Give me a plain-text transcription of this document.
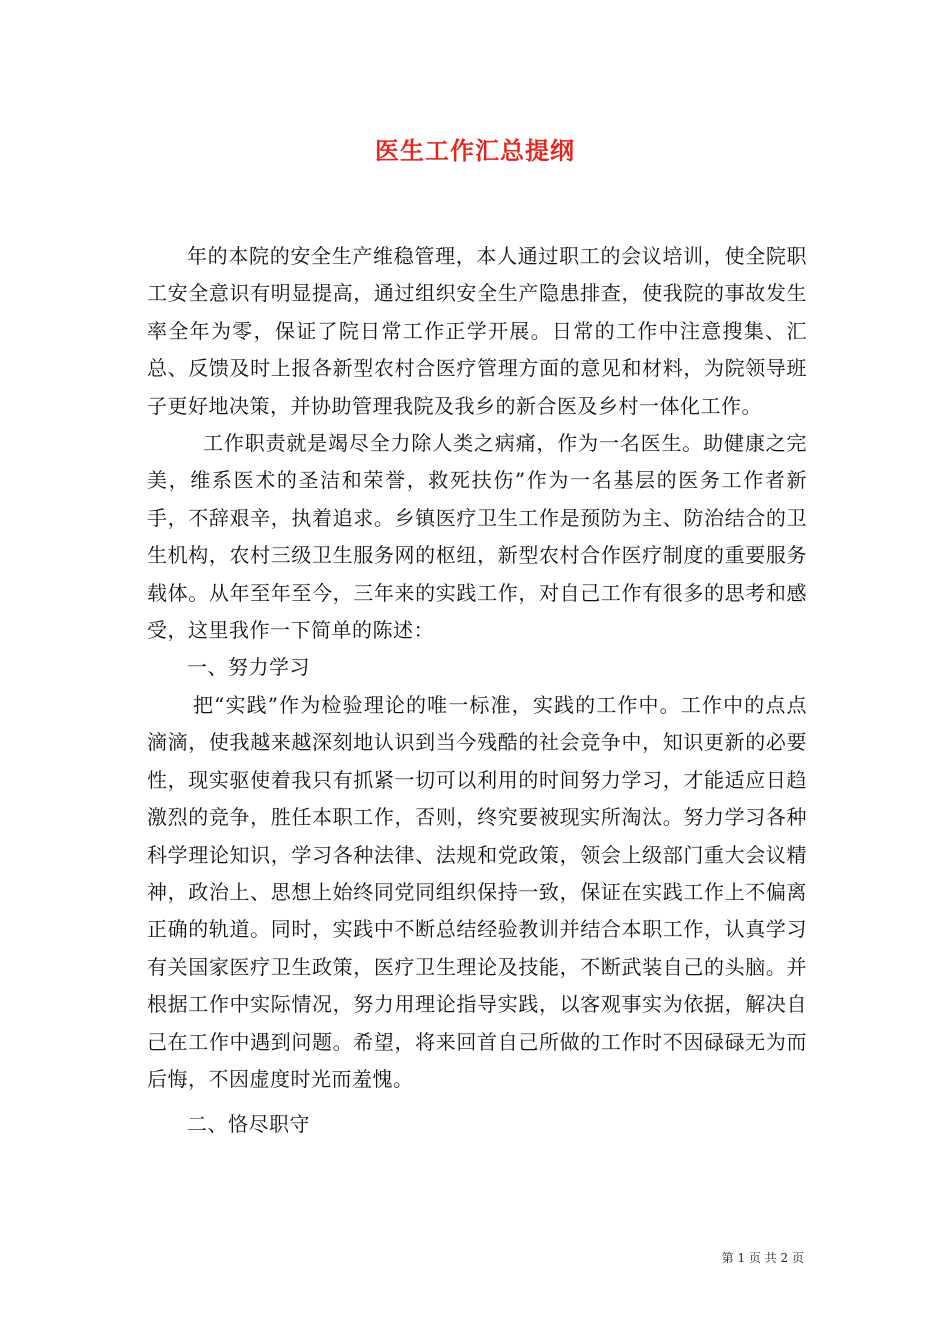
医生工作汇总提纲

年的本院的安全生产维稳管理，本人通过职工的会议培训，使全院职工安全意识有明显提高，通过组织安全生产隐患排查，使我院的事故发生率全年为零，保证了院日常工作正学开展。日常的工作中注意搜集、汇总、反馈及时上报各新型农村合医疗管理方面的意见和材料，为院领导班子更好地决策，并协助管理我院及我乡的新合医及乡村一体化工作。

工作职责就是竭尽全力除人类之病痛，作为一名医生。助健康之完美，维系医术的圣洁和荣誉，救死扶伤”作为一名基层的医务工作者新手，不辞艰辛，执着追求。乡镇医疗卫生工作是预防为主、防治结合的卫生机构，农村三级卫生服务网的枢纽，新型农村合作医疗制度的重要服务载体。从年至年至今，三年来的实践工作，对自己工作有很多的思考和感受，这里我作一下简单的陈述：

一、努力学习

把“实践”作为检验理论的唯一标准，实践的工作中。工作中的点点滴滴，使我越来越深刻地认识到当今残酷的社会竞争中，知识更新的必要性，现实驱使着我只有抓紧一切可以利用的时间努力学习，才能适应日趋激烈的竞争，胜任本职工作，否则，终究要被现实所淘汰。努力学习各种科学理论知识，学习各种法律、法规和党政策，领会上级部门重大会议精神，政治上、思想上始终同党同组织保持一致，保证在实践工作上不偏离正确的轨道。同时，实践中不断总结经验教训并结合本职工作，认真学习有关国家医疗卫生政策，医疗卫生理论及技能，不断武装自己的头脑。并根据工作中实际情况，努力用理论指导实践，以客观事实为依据，解决自己在工作中遇到问题。希望，将来回首自己所做的工作时不因碌碌无为而后悔，不因虚度时光而羞愧。

二、恪尽职守

第 1 页 共 2 页
